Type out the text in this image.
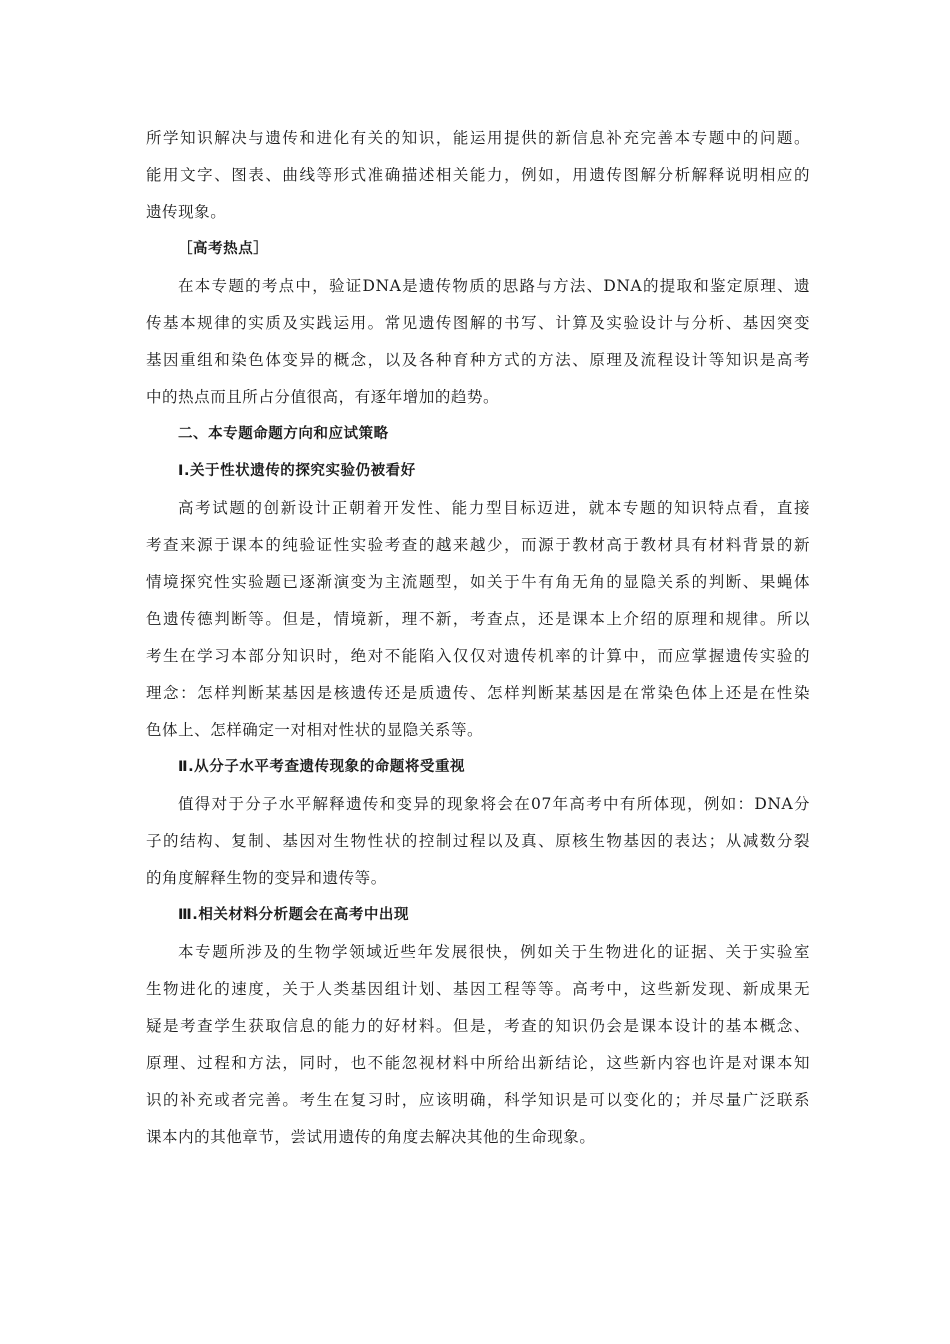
所学知识解决与遗传和进化有关的知识，能运用提供的新信息补充完善本专题中的问题。
能用文字、图表、曲线等形式准确描述相关能力，例如，用遗传图解分析解释说明相应的
遗传现象。
［高考热点］
在本专题的考点中，验证DNA是遗传物质的思路与方法、DNA的提取和鉴定原理、遗
传基本规律的实质及实践运用。常见遗传图解的书写、计算及实验设计与分析、基因突变
基因重组和染色体变异的概念，以及各种育种方式的方法、原理及流程设计等知识是高考
中的热点而且所占分值很高，有逐年增加的趋势。
二、本专题命题方向和应试策略
Ⅰ.关于性状遗传的探究实验仍被看好
高考试题的创新设计正朝着开发性、能力型目标迈进，就本专题的知识特点看，直接
考查来源于课本的纯验证性实验考查的越来越少，而源于教材高于教材具有材料背景的新
情境探究性实验题已逐渐演变为主流题型，如关于牛有角无角的显隐关系的判断、果蝇体
色遗传德判断等。但是，情境新，理不新，考查点，还是课本上介绍的原理和规律。所以
考生在学习本部分知识时，绝对不能陷入仅仅对遗传机率的计算中，而应掌握遗传实验的
理念：怎样判断某基因是核遗传还是质遗传、怎样判断某基因是在常染色体上还是在性染
色体上、怎样确定一对相对性状的显隐关系等。
Ⅱ.从分子水平考查遗传现象的命题将受重视
值得对于分子水平解释遗传和变异的现象将会在07年高考中有所体现，例如：DNA分
子的结构、复制、基因对生物性状的控制过程以及真、原核生物基因的表达；从减数分裂
的角度解释生物的变异和遗传等。
Ⅲ.相关材料分析题会在高考中出现
本专题所涉及的生物学领域近些年发展很快，例如关于生物进化的证据、关于实验室
生物进化的速度，关于人类基因组计划、基因工程等等。高考中，这些新发现、新成果无
疑是考查学生获取信息的能力的好材料。但是，考查的知识仍会是课本设计的基本概念、
原理、过程和方法，同时，也不能忽视材料中所给出新结论，这些新内容也许是对课本知
识的补充或者完善。考生在复习时，应该明确，科学知识是可以变化的；并尽量广泛联系
课本内的其他章节，尝试用遗传的角度去解决其他的生命现象。
